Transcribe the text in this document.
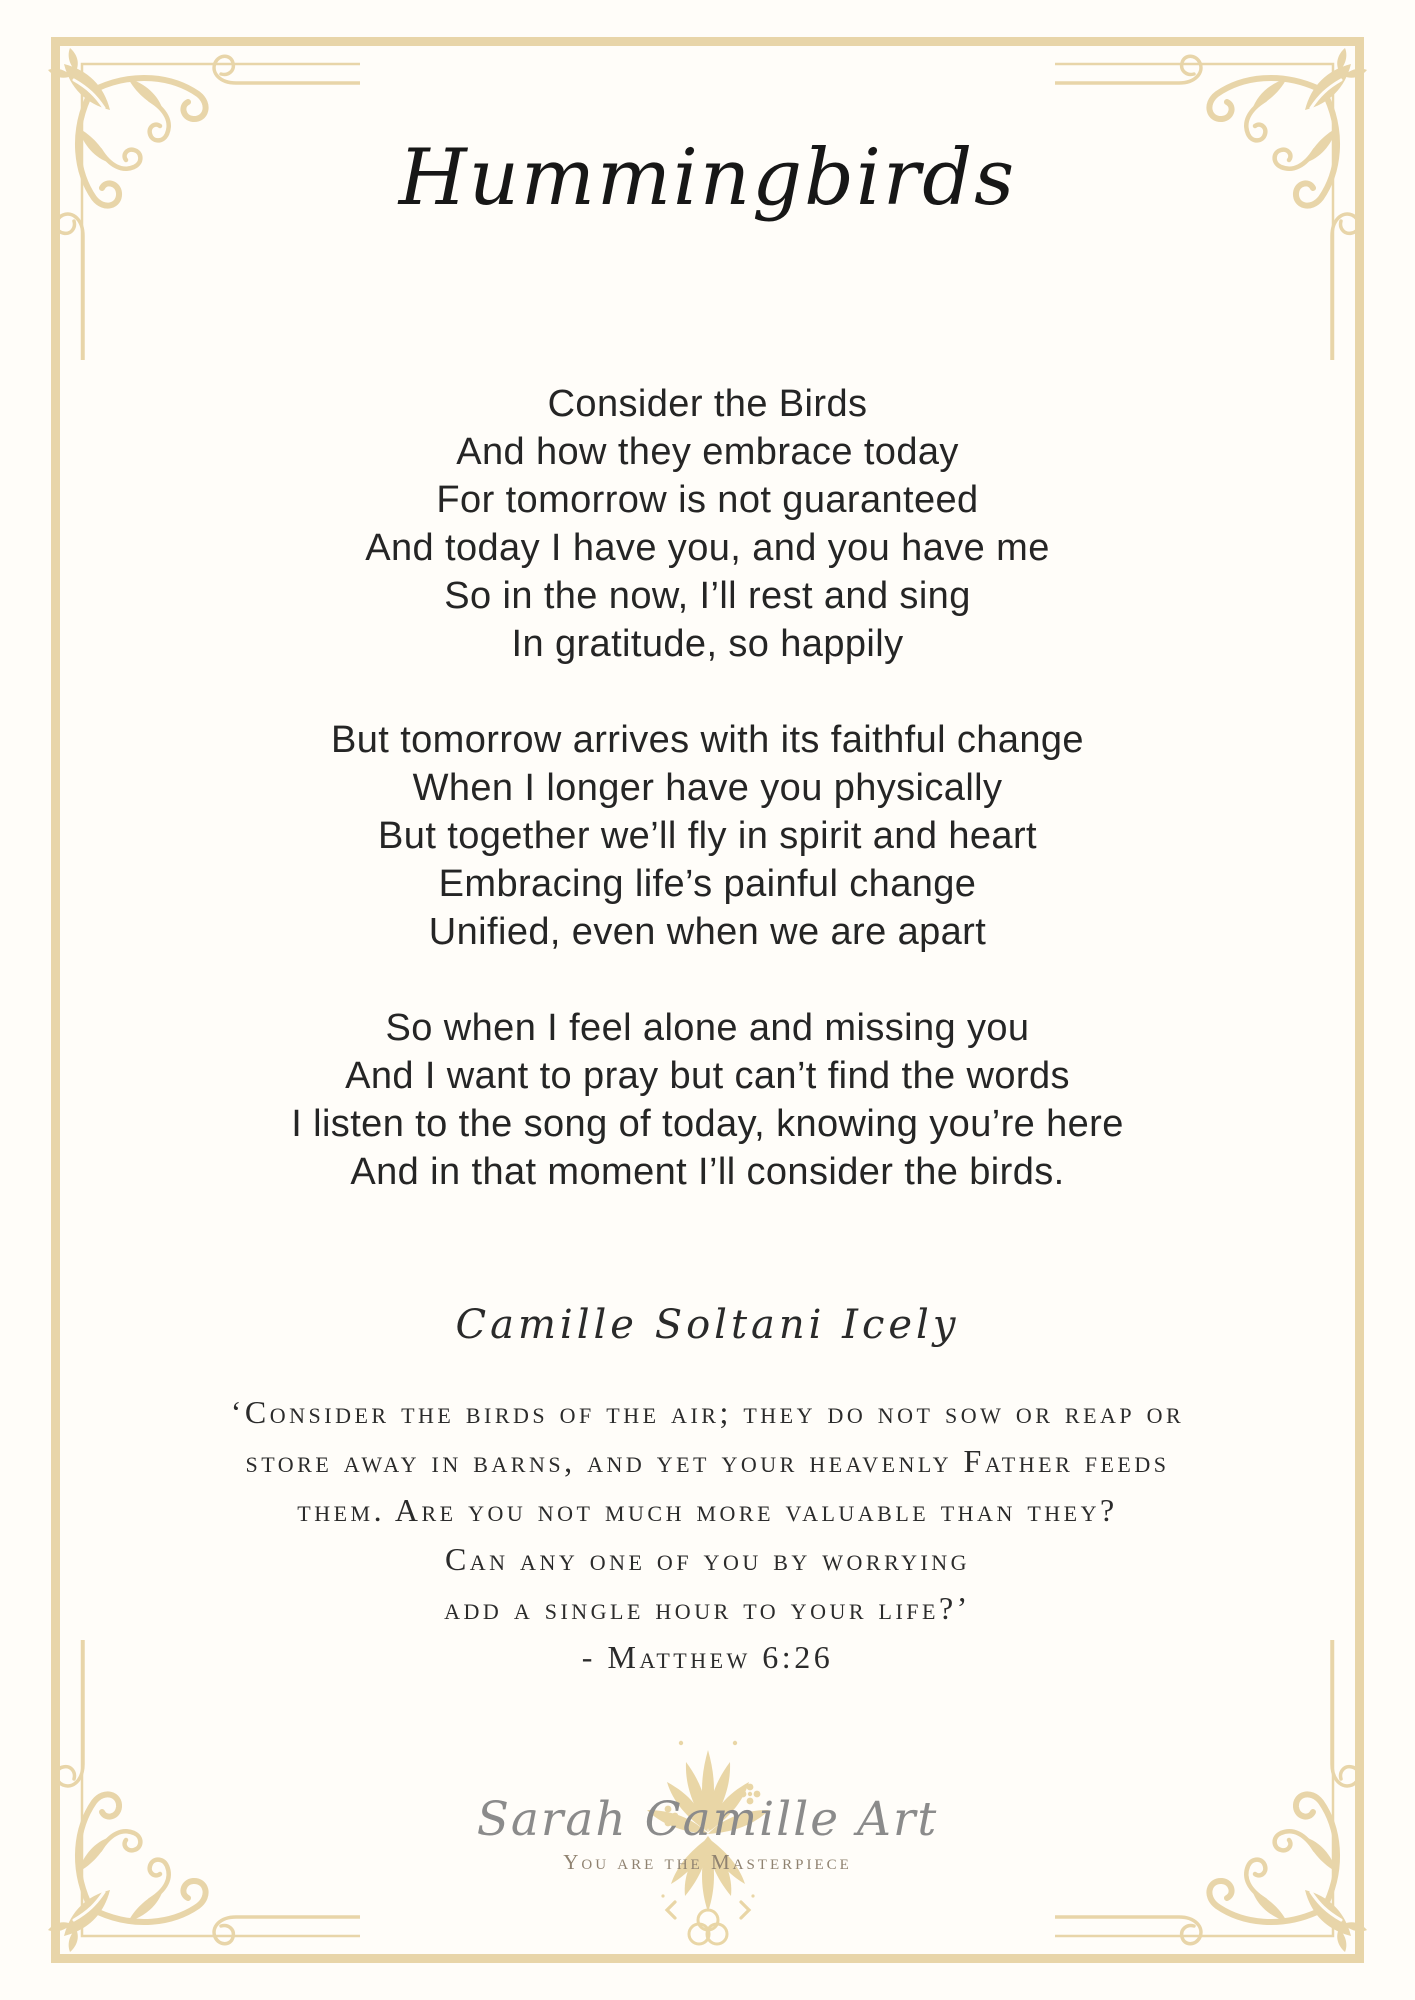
Hummingbirds
Consider the Birds
And how they embrace today
For tomorrow is not guaranteed
And today I have you, and you have me
So in the now, I’ll rest and sing
In gratitude, so happily
But tomorrow arrives with its faithful change
When I longer have you physically
But together we’ll fly in spirit and heart
Embracing life’s painful change
Unified, even when we are apart
So when I feel alone and missing you
And I want to pray but can’t find the words
I listen to the song of today, knowing you’re here
And in that moment I’ll consider the birds.
Camille Soltani Icely
‘Consider the birds of the air; they do not sow or reap or
store away in barns, and yet your heavenly Father feeds
them. Are you not much more valuable than they?
Can any one of you by worrying
add a single hour to your life?’
- Matthew 6:26
Sarah Camille Art
You are the Masterpiece
